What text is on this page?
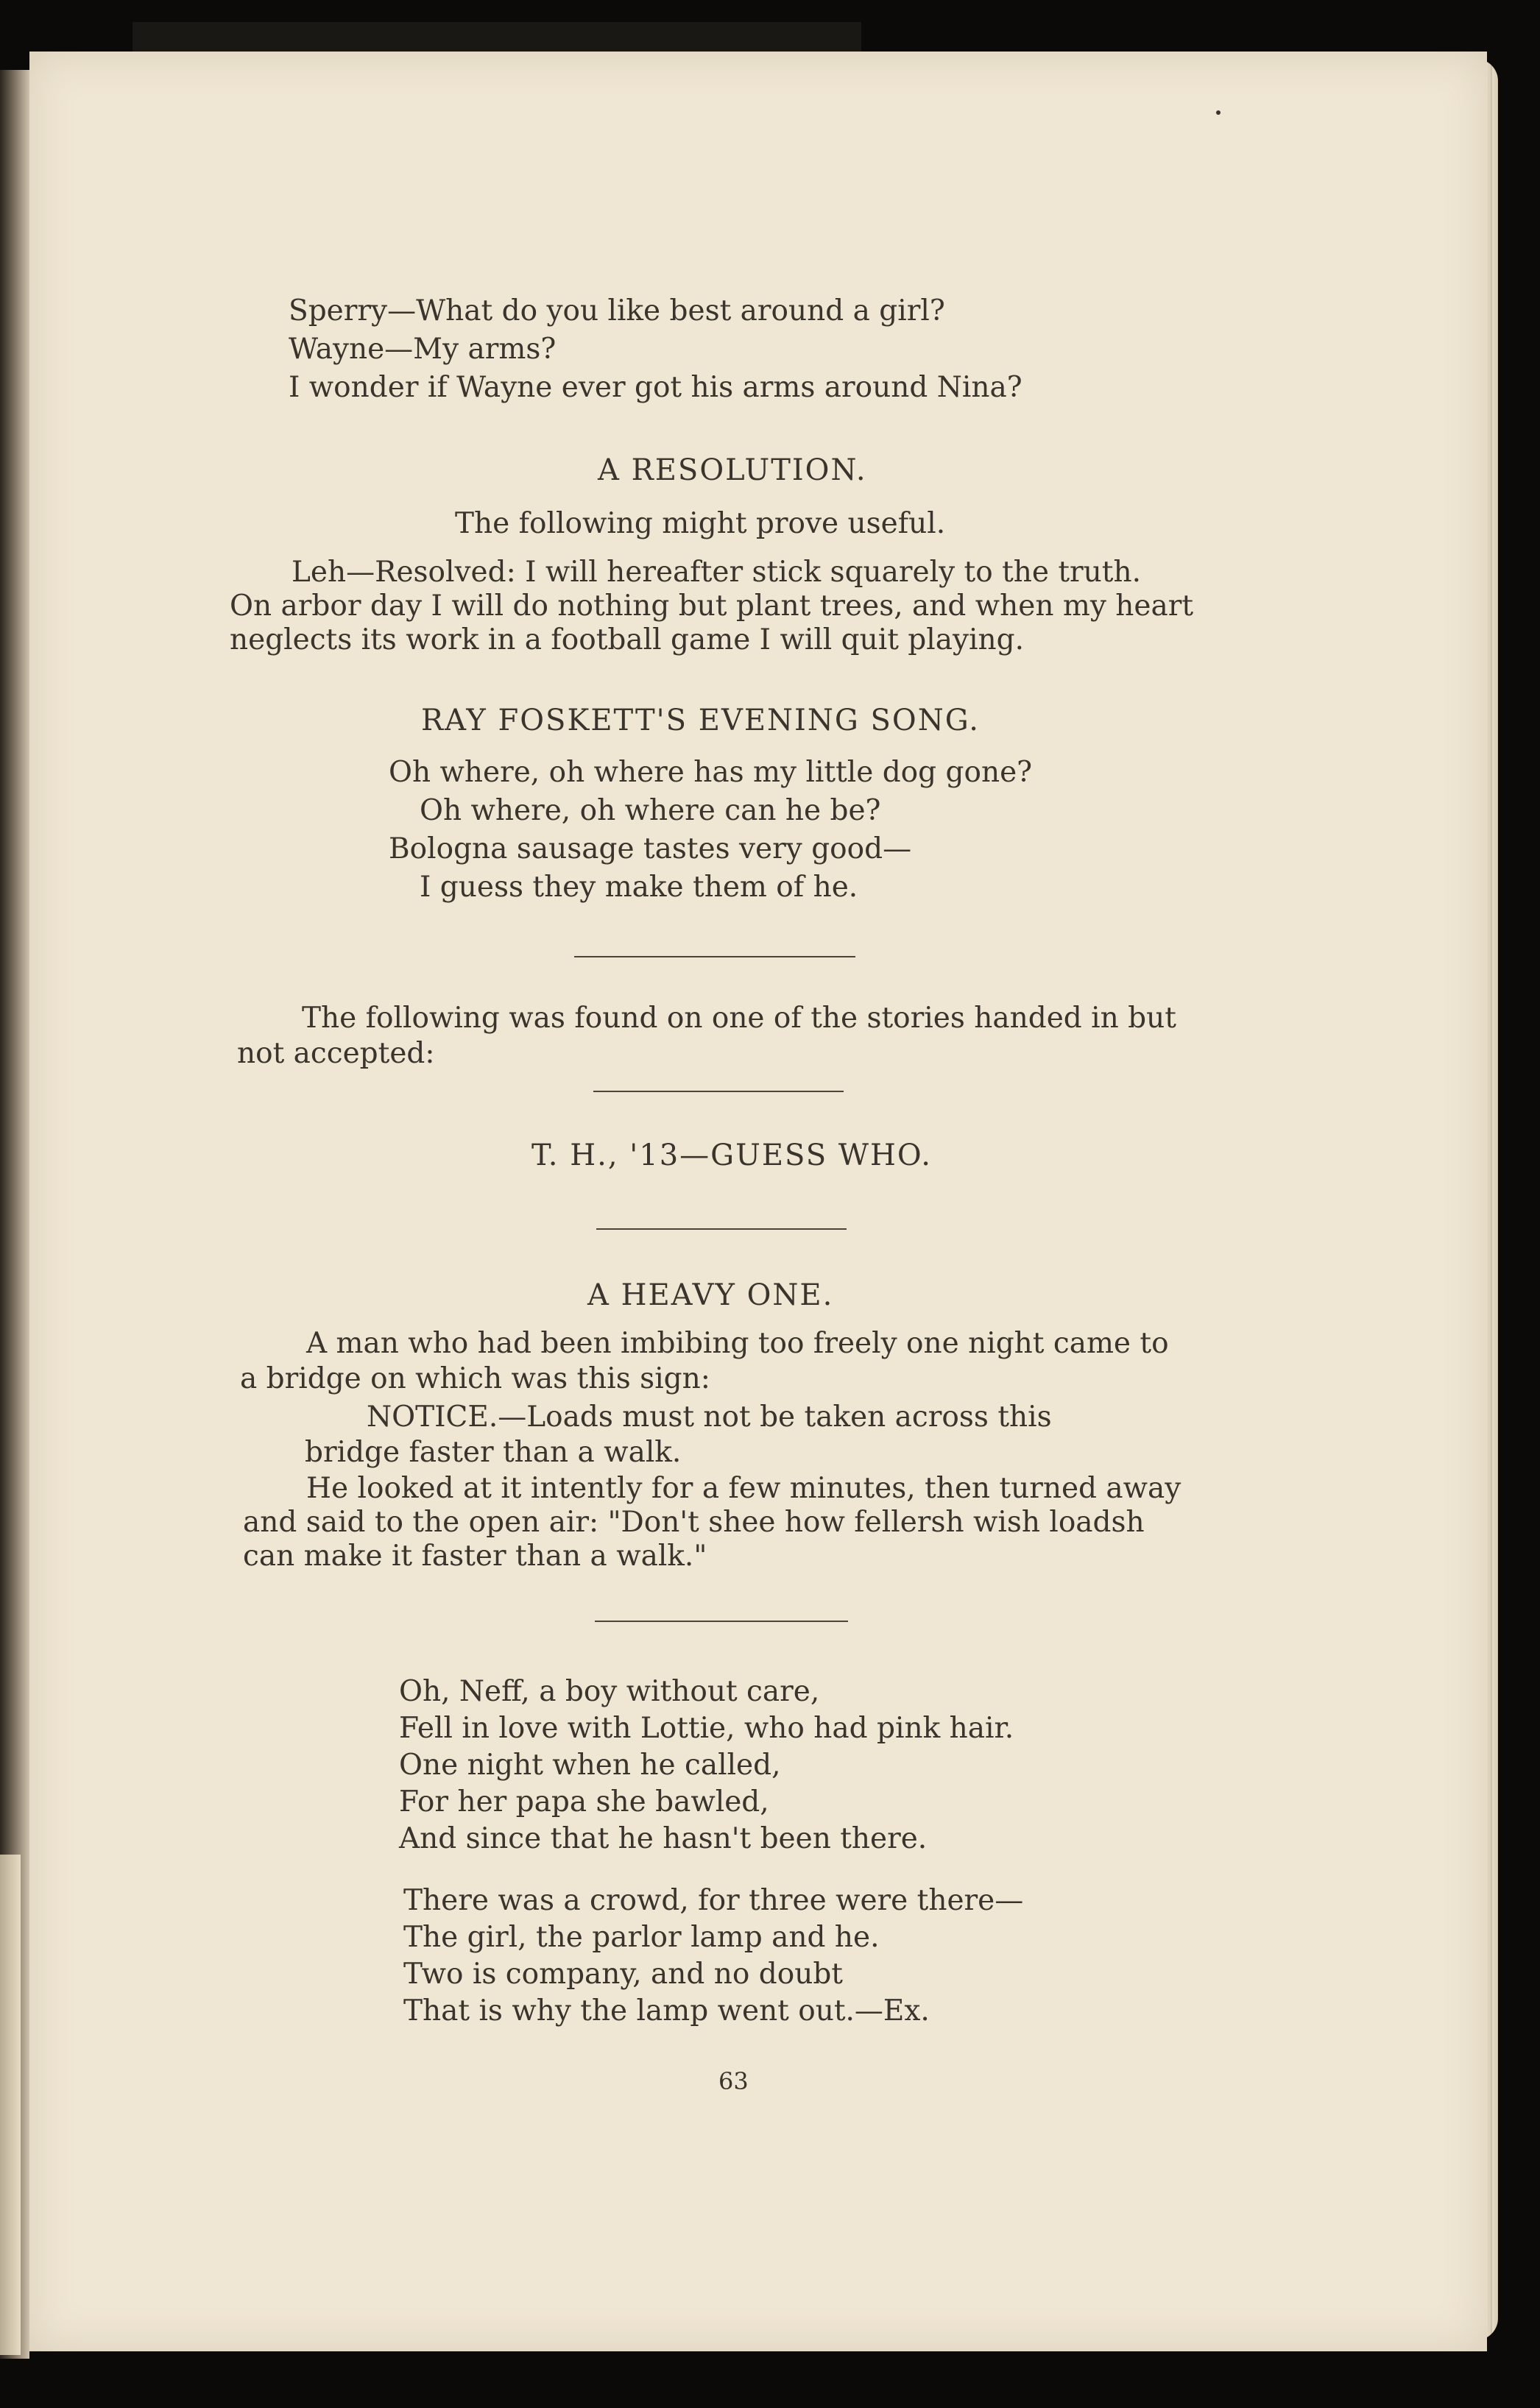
Sperry—What do you like best around a girl?
Wayne—My arms?
I wonder if Wayne ever got his arms around Nina?
A RESOLUTION.
The following might prove useful.
Leh—Resolved: I will hereafter stick squarely to the truth.
On arbor day I will do nothing but plant trees, and when my heart
neglects its work in a football game I will quit playing.
RAY FOSKETT'S EVENING SONG.
Oh where, oh where has my little dog gone?
Oh where, oh where can he be?
Bologna sausage tastes very good—
I guess they make them of he.
The following was found on one of the stories handed in but
not accepted:
T. H., '13—GUESS WHO.
A HEAVY ONE.
A man who had been imbibing too freely one night came to
a bridge on which was this sign:
NOTICE.—Loads must not be taken across this
bridge faster than a walk.
He looked at it intently for a few minutes, then turned away
and said to the open air: "Don't shee how fellersh wish loadsh
can make it faster than a walk."
Oh, Neff, a boy without care,
Fell in love with Lottie, who had pink hair.
One night when he called,
For her papa she bawled,
And since that he hasn't been there.
There was a crowd, for three were there—
The girl, the parlor lamp and he.
Two is company, and no doubt
That is why the lamp went out.—Ex.
63
